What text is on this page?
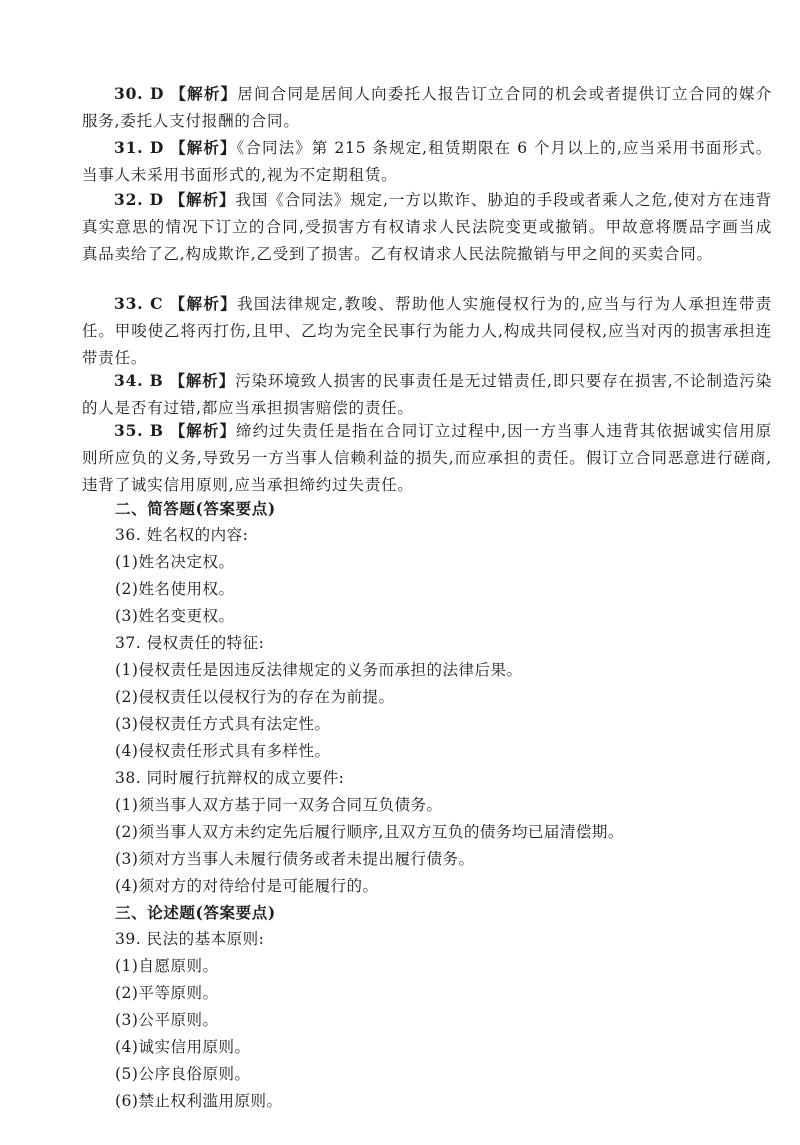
30. D 【解析】居间合同是居间人向委托人报告订立合同的机会或者提供订立合同的媒介服务,委托人支付报酬的合同。

31. D 【解析】《合同法》第 215 条规定,租赁期限在 6 个月以上的,应当采用书面形式。当事人未采用书面形式的,视为不定期租赁。

32. D 【解析】我国《合同法》规定,一方以欺诈、胁迫的手段或者乘人之危,使对方在违背真实意思的情况下订立的合同,受损害方有权请求人民法院变更或撤销。甲故意将赝品字画当成真品卖给了乙,构成欺诈,乙受到了损害。乙有权请求人民法院撤销与甲之间的买卖合同。

33. C 【解析】我国法律规定,教唆、帮助他人实施侵权行为的,应当与行为人承担连带责任。甲唆使乙将丙打伤,且甲、乙均为完全民事行为能力人,构成共同侵权,应当对丙的损害承担连带责任。

34. B 【解析】污染环境致人损害的民事责任是无过错责任,即只要存在损害,不论制造污染的人是否有过错,都应当承担损害赔偿的责任。

35. B 【解析】缔约过失责任是指在合同订立过程中,因一方当事人违背其依据诚实信用原则所应负的义务,导致另一方当事人信赖利益的损失,而应承担的责任。假订立合同恶意进行磋商,违背了诚实信用原则,应当承担缔约过失责任。

二、简答题(答案要点)
36. 姓名权的内容:
(1)姓名决定权。
(2)姓名使用权。
(3)姓名变更权。
37. 侵权责任的特征:
(1)侵权责任是因违反法律规定的义务而承担的法律后果。
(2)侵权责任以侵权行为的存在为前提。
(3)侵权责任方式具有法定性。
(4)侵权责任形式具有多样性。
38. 同时履行抗辩权的成立要件:
(1)须当事人双方基于同一双务合同互负债务。
(2)须当事人双方未约定先后履行顺序,且双方互负的债务均已届清偿期。
(3)须对方当事人未履行债务或者未提出履行债务。
(4)须对方的对待给付是可能履行的。
三、论述题(答案要点)
39. 民法的基本原则:
(1)自愿原则。
(2)平等原则。
(3)公平原则。
(4)诚实信用原则。
(5)公序良俗原则。
(6)禁止权利滥用原则。
